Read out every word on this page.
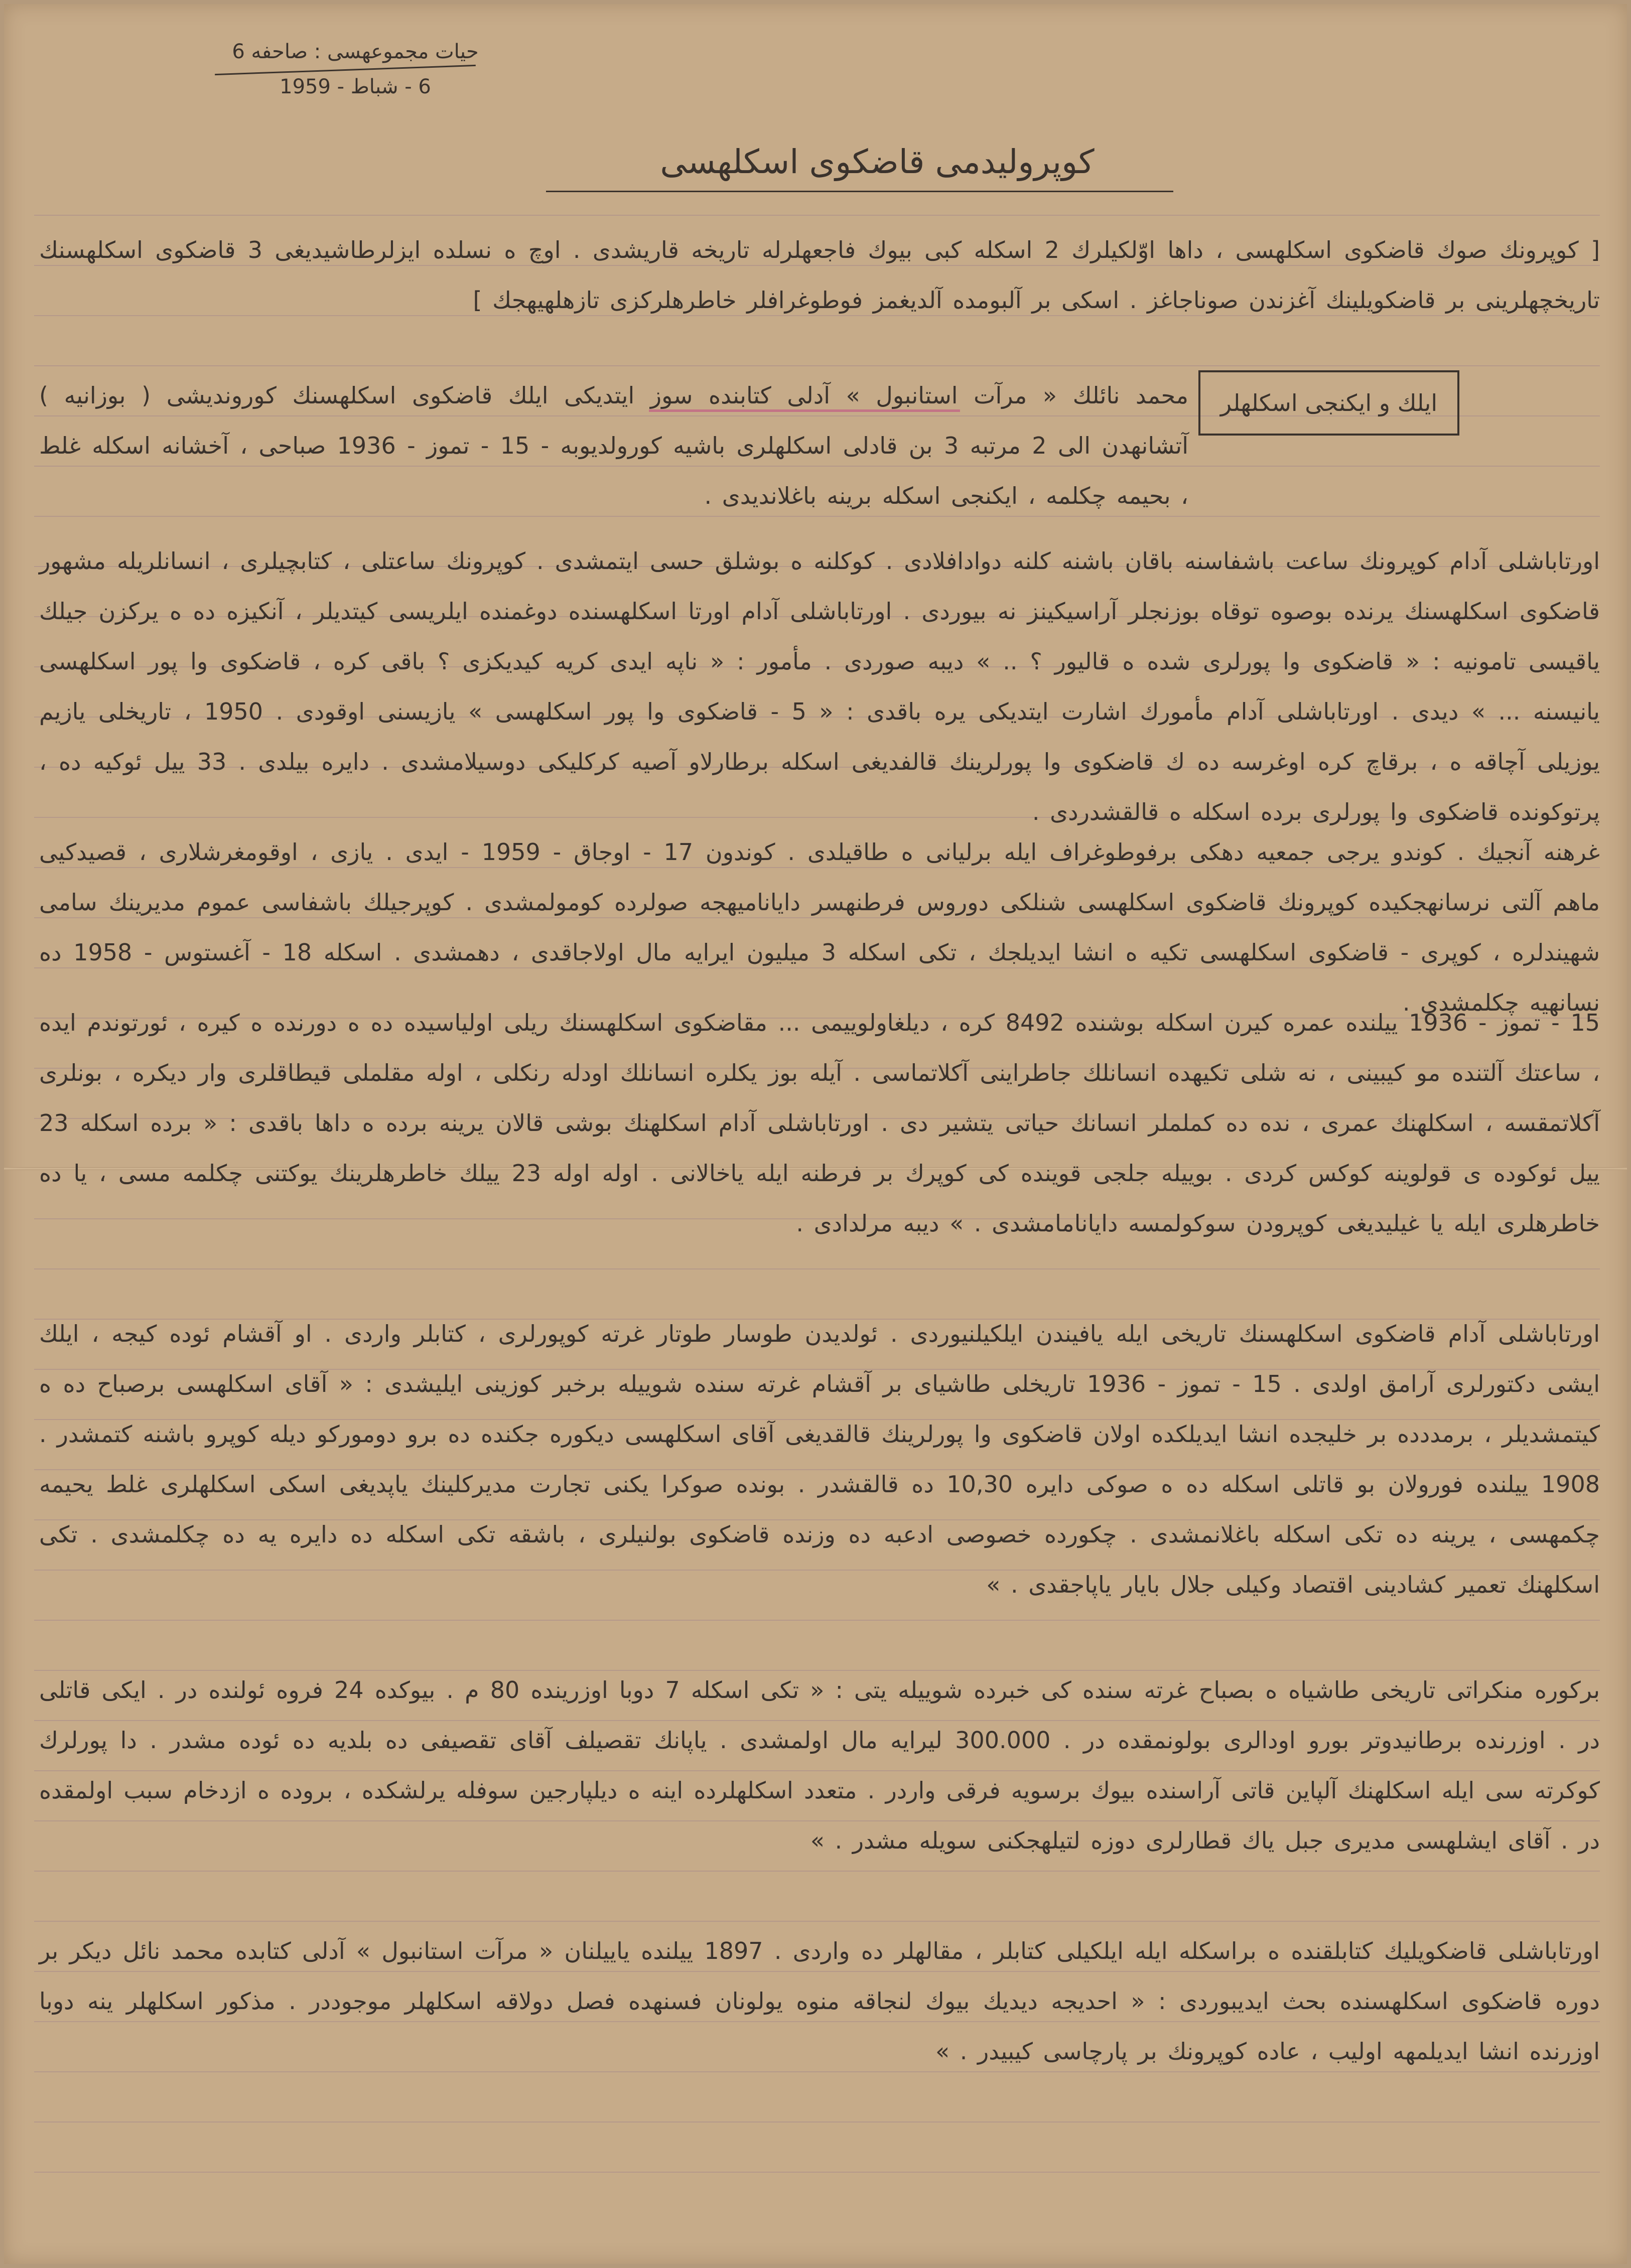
حیات مجموعهسی : صاحفه 6
6 - شباط - 1959
کوپرولیدمی قاضکوی اسکلهسی
[ کوپرونك صوك قاضکوی اسکلهسی ، داها اوّلكیلرك 2 اسکله کبی بیوك فاجعهلرله تاریخه قاریشدی . اوچ ه نسلده ایزلرطاشیدیغی 3 قاضکوی اسکلهسنك تاریخچهلرینی بر قاضکویلینك آغزندن صوناجاغز . اسکی بر آلبومده آلدیغمز فوطوغرافلر خاطرهلرکزی تازهلهیهجك ]
ایلك و ایكنجی اسکلهلر
محمد نائلك « مرآت استانبول » آدلی کتابنده سوز ایتدیکی ایلك قاضکوی اسکلهسنك کوروندیشی ( بوزانیه ) آتشانهدن الی 2 مرتبه 3 بن قادلی اسکلهلری باشیه کورولدیوبه - 15 - تموز - 1936 صباحی ، آخشانه اسکله غلط ، بحیمه چکلمه ، ایکنجی اسکله برینه باغلاندیدی .
اورتاباشلی آدام کوپرونك ساعت باشفاسنه باقان باشنه کلنه دوادافلادی . کوکلنه ه بوشلق حسی ایتمشدی . کوپرونك ساعتلی ، کتابچیلری ، انسانلریله مشهور قاضکوی اسکلهسنك یرنده بوصوه توقاه بوزنجلر آراسیکینز نه بیوردی . اورتاباشلی آدام اورتا اسکلهسنده دوغمنده ایلریسی کیتدیلر ، آنکیزه ده ه یرکزن جیلك یاقیسی تامونیه : « قاضکوی وا پورلری شده ه قالیور ؟ .. » دیبه صوردی . مأمور : « ناپه ایدی کریه کیدیکزی ؟ باقی کره ، قاضکوی وا پور اسکلهسی یانیسنه ... » دیدی . اورتاباشلی آدام مأمورك اشارت ایتدیکی یره باقدی : « 5 - قاضکوی وا پور اسکلهسی » یازیسنی اوقودی . 1950 ، تاریخلی یازیم یوزیلی آچاقه ه ، برقاچ کره اوغرسه ده ك قاضکوی وا پورلرینك قالفدیغی اسکله برطارلاو آصیه کرکلیکی دوسیلامشدی . دایره بیلدی . 33 ییل ئوكیه ده ، پرتوکونده قاضکوی وا پورلری برده اسکله ه قالقشدردی .
غرهنه آنجیك . کوندو یرجی جمعیه دهکی برفوطوغراف ایله برلیانی ه طاقیلدی . کوندون 17 - اوجاق - 1959 - ایدی . یازی ، اوقومغرشلاری ، قصیدکیی ماهم آلتی نرسانهجکیده کوپرونك قاضکوی اسکلهسی شنلکی دوروس فرطنهسر دایانامیهجه صولرده کومولمشدی . کوپرجیلك باشفاسی عموم مدیرینك سامی شهیندلره ، کوپری - قاضکوی اسکلهسی تکیه ه انشا ایدیلجك ، تکی اسکله 3 میلیون ایرایه مال اولاجاقدی ، دهمشدی . اسکله 18 - آغستوس - 1958 ده نسانهیه چکلمشدی .
15 - تموز - 1936 ییلنده عمره کیرن اسکله بوشنده 8492 کره ، دیلغاولوییمی ... مقاضکوی اسکلهسنك ریلی اولیاسیده ده ه دورنده ه کیره ، ئورتوندم ایده ، ساعتك آلتنده مو کیبینی ، نه شلی تکیهده انسانلك جاطراینی آکلاتماسی . آیله بوز یکلره انسانلك اودله رنكلی ، اوله مقلملی قیطاقلری وار دیکره ، بونلری آکلاتمقسه ، اسکلهنك عمری ، نده ده کململر انسانك حیاتی یتشیر دی . اورتاباشلی آدام اسکلهنك بوشی قالان یرینه برده ه داها باقدی : « برده اسکله 23 ییل ئوكوده ی قولوینه کوكس کردی . بوییله جلجی قوینده کی کوپرك بر فرطنه ایله یاخالانی . اوله اوله 23 ییلك خاطرهلرینك یوکتنی چکلمه مسی ، یا ده خاطرهلری ایله یا غیلیدیغی کوپرودن سوکولمسه دایانامامشدی . » دیبه مرلدادی .
اورتاباشلی آدام قاضکوی اسکلهسنك تاریخی ایله یافیندن ایلکیلنیوردی . ئولدیدن طوسار طوتار غرته کوپورلری ، کتابلر واردی . او آقشام ئوده کیجه ، ایلك ایشی دکتورلری آرامق اولدی . 15 - تموز - 1936 تاریخلی طاشیای بر آقشام غرته سنده شوییله برخبر کوزینی ایلیشدی : « آقای اسکلهسی برصباح ده ه کیتمشدیلر ، برمددده بر خلیجده انشا ایدیلکده اولان قاضکوی وا پورلرینك قالقدیغی آقای اسکلهسی دیکوره جکنده ده برو دومورکو دیله کوپرو باشنه کتمشدر . 1908 ییلنده فورولان بو قاتلی اسکله ده ه صوكی دایره 10,30 ده قالقشدر . بونده صوكرا یکنی تجارت مدیرکلینك یاپدیغی اسکی اسکلهلری غلط یحیمه چکمهسی ، یرینه ده تکی اسکله باغلانمشدی . چکورده خصوصی ادعبه ده وزنده قاضکوی بولنیلری ، باشقه تکی اسکله ده دایره یه ده چکلمشدی . تکی اسکلهنك تعمیر کشادینی اقتصاد وکیلی جلال بایار یاپاجقدی . »
برکوره منکراتی تاریخی طاشیاه ه بصباح غرته سنده کی خبرده شوییله یتی : « تکی اسکله 7 دوبا اوزرینده 80 م . بیوکده 24 فروه ئولنده در . ایکی قاتلی در . اوزرنده برطانیدوتر بورو اودالری بولونمقده در . 300.000 لیرایه مال اولمشدی . یاپانك تقصیلف آقای تقصیفی ده بلدیه ده ئوده مشدر . دا پورلرك کوکرته سی ایله اسکلهنك آلپاین قاتی آراسنده بیوك برسویه فرقی واردر . متعدد اسکلهلرده اینه ه دیلپارجین سوفله یرلشکده ، بروده ه ازدخام سبب اولمقده در . آقای ایشلهسی مدیری جبل یاك قطارلری دوزه لتیلهجکنی سویله مشدر . »
اورتاباشلی قاضکویلیك کتابلقنده ه براسکله ایله ایلکیلی کتابلر ، مقالهلر ده واردی . 1897 ییلنده یاییلنان « مرآت استانبول » آدلی کتابده محمد نائل دیکر بر دوره قاضکوی اسکلهسنده بحث ایدیبوردی : « احدیجه دیدیك بیوك لنجاقه منوه یولونان فسنهده فصل دولاقه اسکلهلر موجوددر . مذکور اسکلهلر ینه دوبا اوزرنده انشا ایدیلمهه اولیب ، عاده کوپرونك بر پارچاسی کیبیدر . »
